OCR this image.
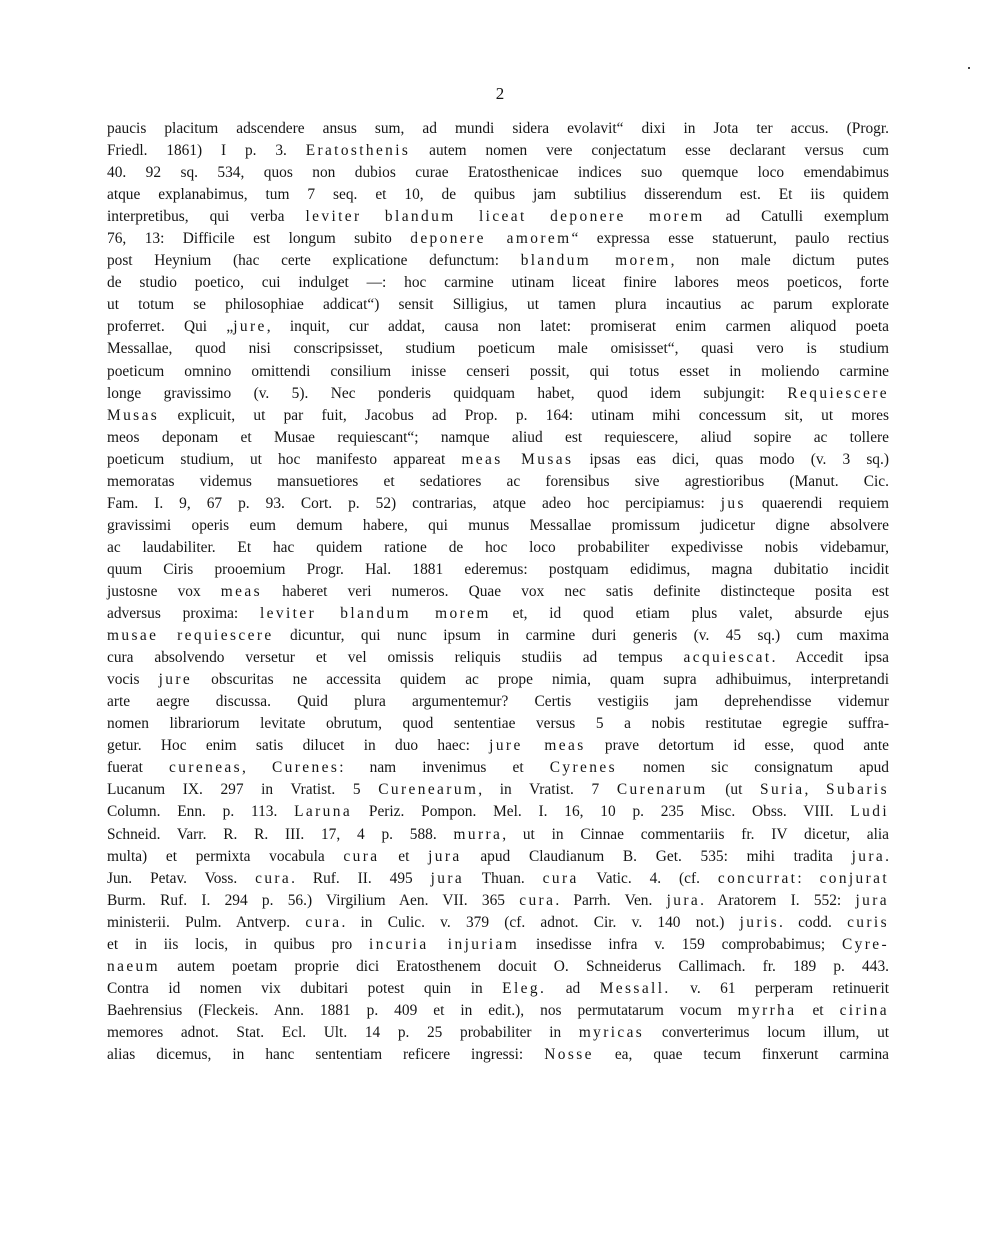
2
paucis placitum adscendere ansus sum, ad mundi sidera evolavit“ dixi in Jota ter accus. (Progr.
Friedl. 1861) I p. 3. Eratosthenis autem nomen vere conjectatum esse declarant versus cum
40. 92 sq. 534, quos non dubios curae Eratosthenicae indices suo quemque loco emendabimus
atque explanabimus, tum 7 seq. et 10, de quibus jam subtilius disserendum est. Et iis quidem
interpretibus, qui verba leviter blandum liceat deponere morem ad Catulli exemplum
76, 13: Difficile est longum subito deponere amorem“ expressa esse statuerunt, paulo rectius
post Heynium (hac certe explicatione defunctum: blandum morem, non male dictum putes
de studio poetico, cui indulget —: hoc carmine utinam liceat finire labores meos poeticos, forte
ut totum se philosophiae addicat“) sensit Silligius, ut tamen plura incautius ac parum explorate
proferret. Qui „jure, inquit, cur addat, causa non latet: promiserat enim carmen aliquod poeta
Messallae, quod nisi conscripsisset, studium poeticum male omisisset“, quasi vero is studium
poeticum omnino omittendi consilium inisse censeri possit, qui totus esset in moliendo carmine
longe gravissimo (v. 5). Nec ponderis quidquam habet, quod idem subjungit: Requiescere
Musas explicuit, ut par fuit, Jacobus ad Prop. p. 164: utinam mihi concessum sit, ut mores
meos deponam et Musae requiescant“; namque aliud est requiescere, aliud sopire ac tollere
poeticum studium, ut hoc manifesto appareat meas Musas ipsas eas dici, quas modo (v. 3 sq.)
memoratas videmus mansuetiores et sedatiores ac forensibus sive agrestioribus (Manut. Cic.
Fam. I. 9, 67 p. 93. Cort. p. 52) contrarias, atque adeo hoc percipiamus: jus quaerendi requiem
gravissimi operis eum demum habere, qui munus Messallae promissum judicetur digne absolvere
ac laudabiliter. Et hac quidem ratione de hoc loco probabiliter expedivisse nobis videbamur,
quum Ciris prooemium Progr. Hal. 1881 ederemus: postquam edidimus, magna dubitatio incidit
justosne vox meas haberet veri numeros. Quae vox nec satis definite distincteque posita est
adversus proxima: leviter blandum morem et, id quod etiam plus valet, absurde ejus
musae requiescere dicuntur, qui nunc ipsum in carmine duri generis (v. 45 sq.) cum maxima
cura absolvendo versetur et vel omissis reliquis studiis ad tempus acquiescat. Accedit ipsa
vocis jure obscuritas ne accessita quidem ac prope nimia, quam supra adhibuimus, interpretandi
arte aegre discussa. Quid plura argumentemur? Certis vestigiis jam deprehendisse videmur
nomen librariorum levitate obrutum, quod sententiae versus 5 a nobis restitutae egregie suffra-
getur. Hoc enim satis dilucet in duo haec: jure meas prave detortum id esse, quod ante
fuerat cureneas, Curenes: nam invenimus et Cyrenes nomen sic consignatum apud
Lucanum IX. 297 in Vratist. 5 Curenearum, in Vratist. 7 Curenarum (ut Suria, Subaris
Column. Enn. p. 113. Laruna Periz. Pompon. Mel. I. 16, 10 p. 235 Misc. Obss. VIII. Ludi
Schneid. Varr. R. R. III. 17, 4 p. 588. murra, ut in Cinnae commentariis fr. IV dicetur, alia
multa) et permixta vocabula cura et jura apud Claudianum B. Get. 535: mihi tradita jura.
Jun. Petav. Voss. cura. Ruf. II. 495 jura Thuan. cura Vatic. 4. (cf. concurrat: conjurat
Burm. Ruf. I. 294 p. 56.) Virgilium Aen. VII. 365 cura. Parrh. Ven. jura. Aratorem I. 552: jura
ministerii. Pulm. Antverp. cura. in Culic. v. 379 (cf. adnot. Cir. v. 140 not.) juris. codd. curis
et in iis locis, in quibus pro incuria injuriam insedisse infra v. 159 comprobabimus; Cyre-
naeum autem poetam proprie dici Eratosthenem docuit O. Schneiderus Callimach. fr. 189 p. 443.
Contra id nomen vix dubitari potest quin in Eleg. ad Messall. v. 61 perperam retinuerit
Baehrensius (Fleckeis. Ann. 1881 p. 409 et in edit.), nos permutatarum vocum myrrha et cirina
memores adnot. Stat. Ecl. Ult. 14 p. 25 probabiliter in myricas converterimus locum illum, ut
alias dicemus, in hanc sententiam reficere ingressi: Nosse ea, quae tecum finxerunt carmina
